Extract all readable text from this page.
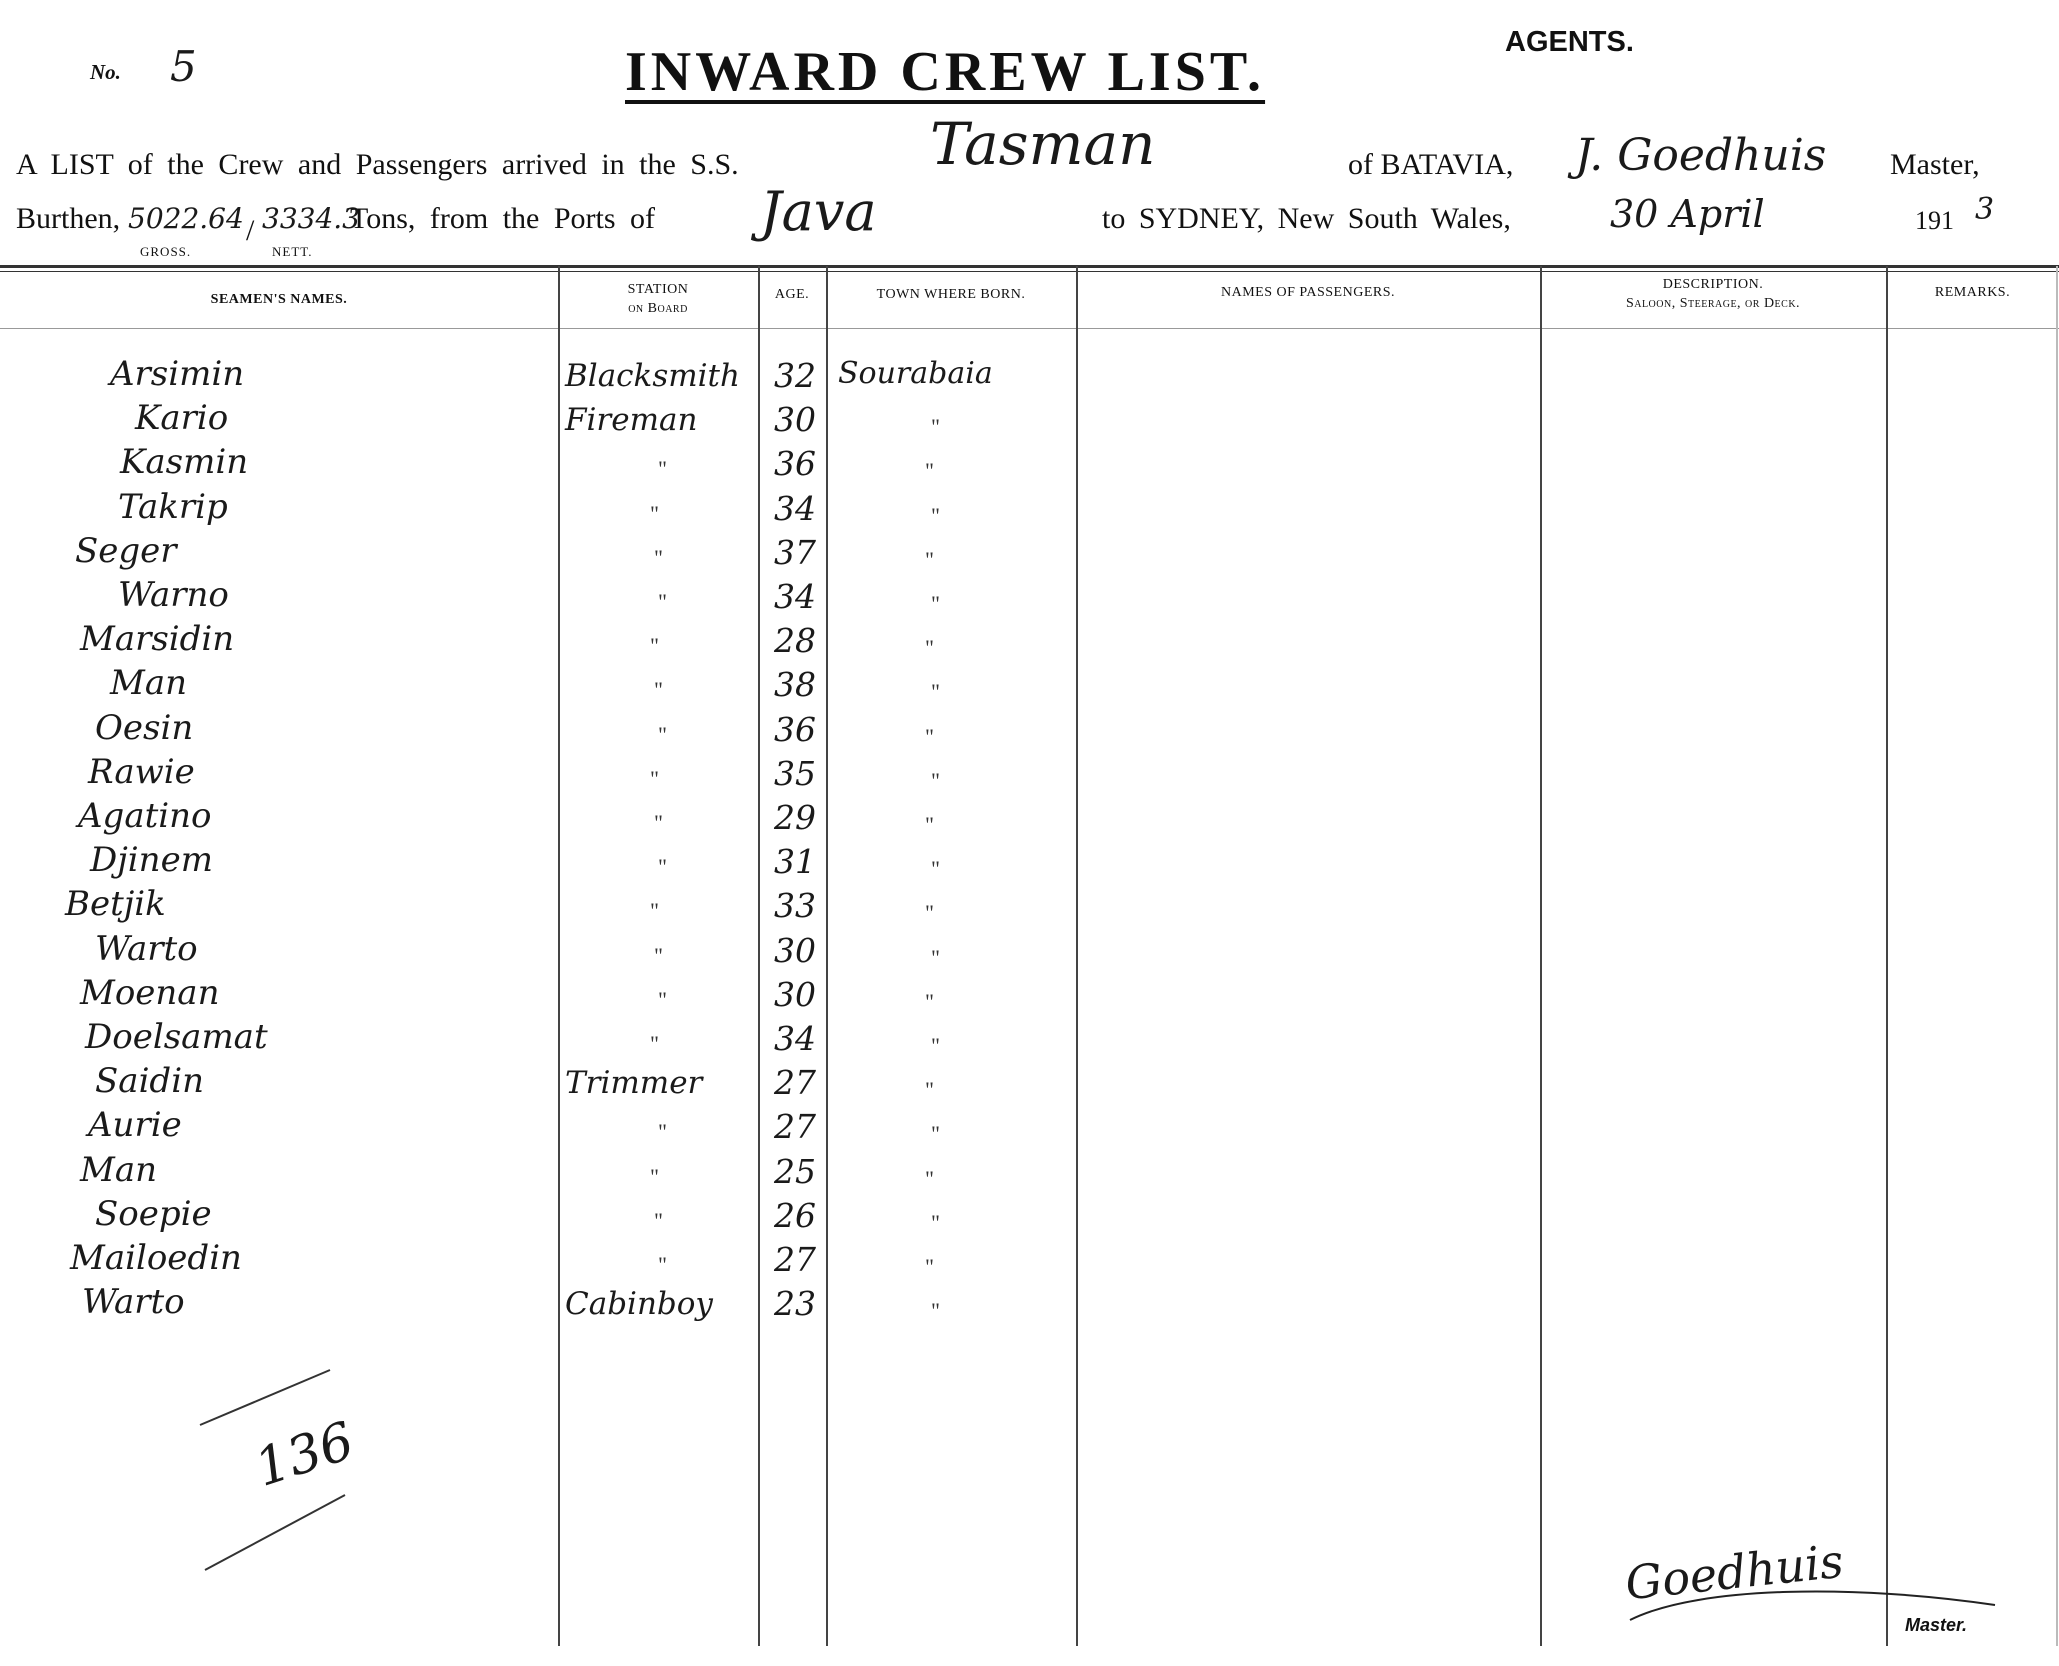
No. 5	INWARD CREW LIST.	AGENTS.
A LIST of the Crew and Passengers arrived in the S.S.	Tasman	of BATAVIA, J. Goedhuis Master,
Burthen, 5022.64 / 3334.3
Tons, from the Ports of
GROSS.	NETT.
Java	to SYDNEY, New South Wales,	30 April	191 3
SEAMEN'S NAMES.
STATION
on Board
AGE.	TOWN WHERE BORN.	NAMES OF PASSENGERS.
DESCRIPTION.
Saloon, Steerage, or Deck.
REMARKS.
Arsimin	Blacksmith 32 Sourabaia
Kario	Fireman 30	"
Kasmin	"	36	"
Takrip	"	34	"
Seger	"	37	"
Warno	"	34	"
Marsidin	"	28	"
Man	"	38	"
Oesin	"	36	"
Rawie	"	35	"
Agatino	"	29	"
Djinem	"	31	"
Betjik	"	33	"
Warto	"	30	"
Moenan	"	30	"
Doelsamat	"	34	"
Saidin	Trimmer 27	"
Aurie	"	27	"
Man	"	25	"
Soepie	"	26	"
Mailoedin	"	27	"
Warto	Cabinboy 23	"
136
Goedhuis
Master.
